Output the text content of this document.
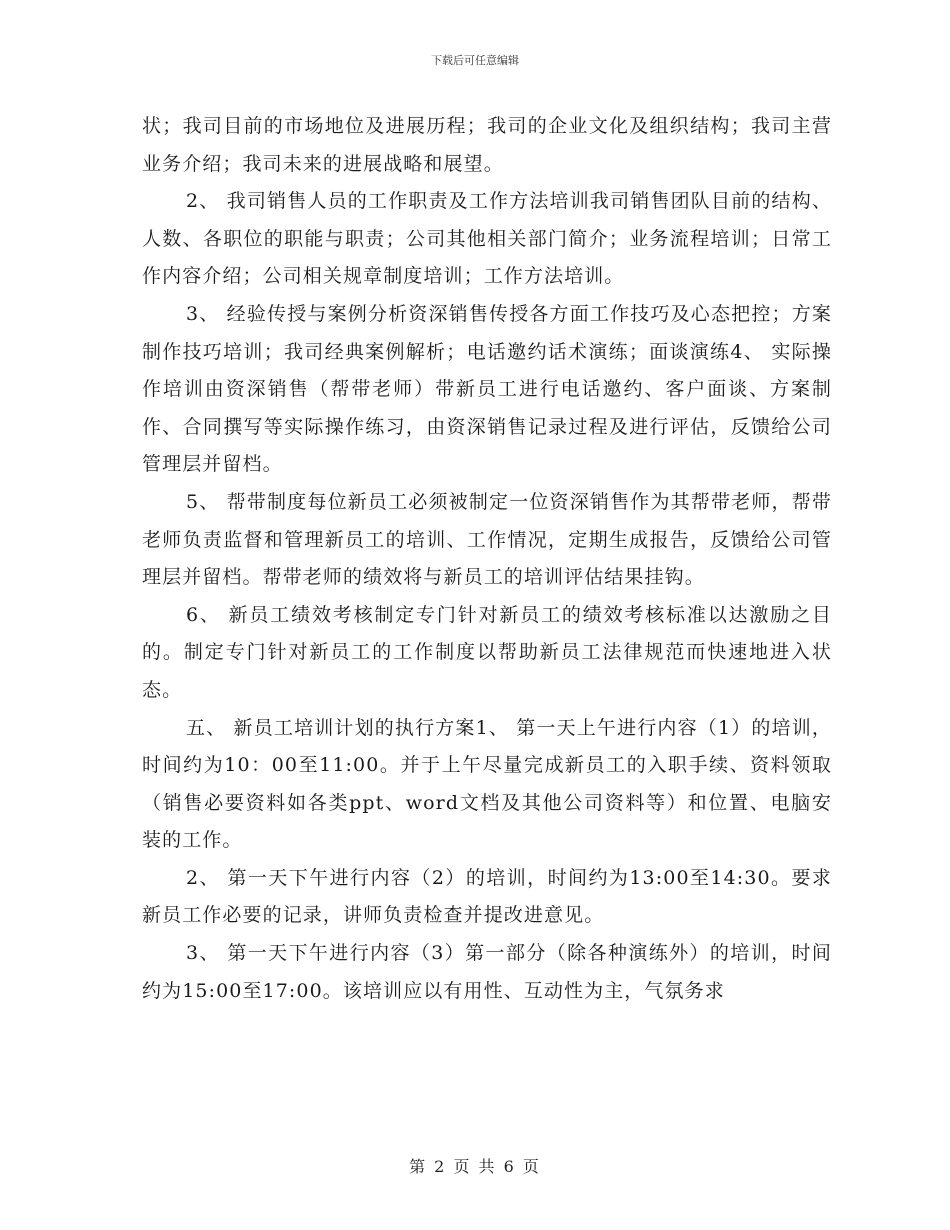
下载后可任意编辑

状；我司目前的市场地位及进展历程；我司的企业文化及组织结构；我司主营业务介绍；我司未来的进展战略和展望。

2、 我司销售人员的工作职责及工作方法培训我司销售团队目前的结构、人数、各职位的职能与职责；公司其他相关部门简介；业务流程培训；日常工作内容介绍；公司相关规章制度培训；工作方法培训。

3、 经验传授与案例分析资深销售传授各方面工作技巧及心态把控；方案制作技巧培训；我司经典案例解析；电话邀约话术演练；面谈演练4、 实际操作培训由资深销售（帮带老师）带新员工进行电话邀约、客户面谈、方案制作、合同撰写等实际操作练习，由资深销售记录过程及进行评估，反馈给公司管理层并留档。

5、 帮带制度每位新员工必须被制定一位资深销售作为其帮带老师，帮带老师负责监督和管理新员工的培训、工作情况，定期生成报告，反馈给公司管理层并留档。帮带老师的绩效将与新员工的培训评估结果挂钩。

6、 新员工绩效考核制定专门针对新员工的绩效考核标准以达激励之目的。制定专门针对新员工的工作制度以帮助新员工法律规范而快速地进入状态。

五、 新员工培训计划的执行方案1、 第一天上午进行内容（1）的培训，时间约为10：00至11:00。并于上午尽量完成新员工的入职手续、资料领取（销售必要资料如各类ppt、word文档及其他公司资料等）和位置、电脑安装的工作。

2、 第一天下午进行内容（2）的培训，时间约为13:00至14:30。要求新员工作必要的记录，讲师负责检查并提改进意见。

3、 第一天下午进行内容（3）第一部分（除各种演练外）的培训，时间约为15:00至17:00。该培训应以有用性、互动性为主，气氛务求

第 2 页 共 6 页
